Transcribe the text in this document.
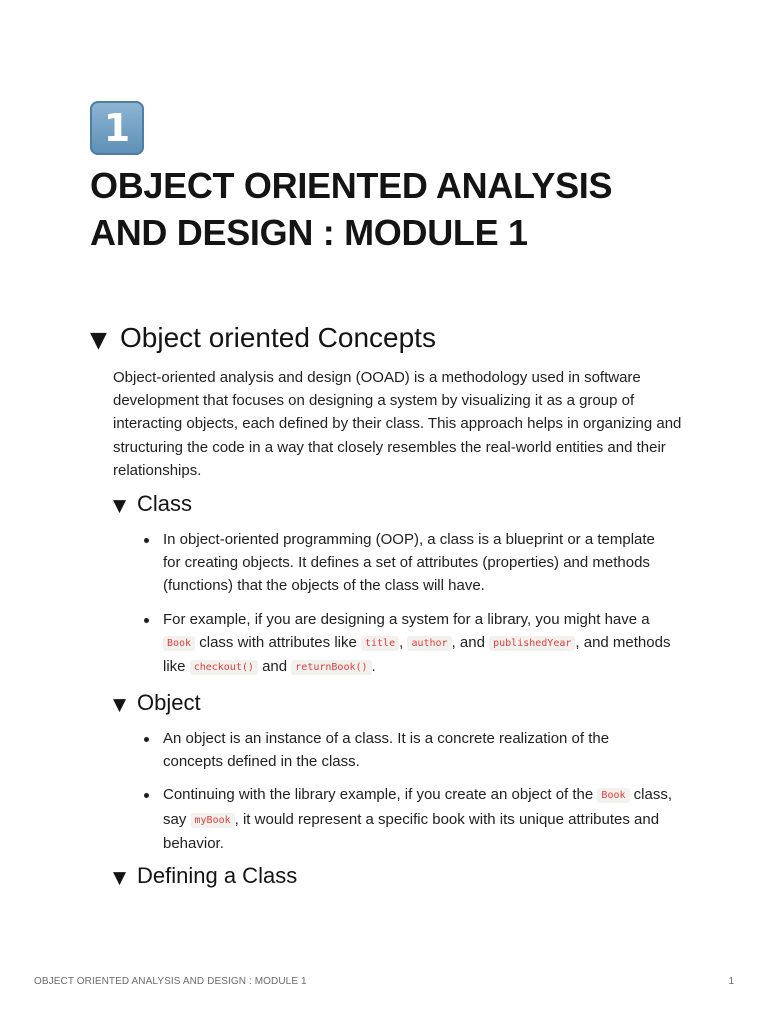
1
OBJECT ORIENTED ANALYSIS AND DESIGN : MODULE 1
▼ Object oriented Concepts

Object-oriented analysis and design (OOAD) is a methodology used in software development that focuses on designing a system by visualizing it as a group of interacting objects, each defined by their class. This approach helps in organizing and structuring the code in a way that closely resembles the real-world entities and their relationships.

▼ Class
In object-oriented programming (OOP), a class is a blueprint or a template for creating objects. It defines a set of attributes (properties) and methods (functions) that the objects of the class will have.
For example, if you are designing a system for a library, you might have a Book class with attributes like title , author , and publishedYear , and methods like checkout() and returnBook() .
▼ Object
An object is an instance of a class. It is a concrete realization of the concepts defined in the class.
Continuing with the library example, if you create an object of the Book class, say myBook , it would represent a specific book with its unique attributes and behavior.
▼ Defining a Class
OBJECT ORIENTED ANALYSIS AND DESIGN : MODULE 1	1
